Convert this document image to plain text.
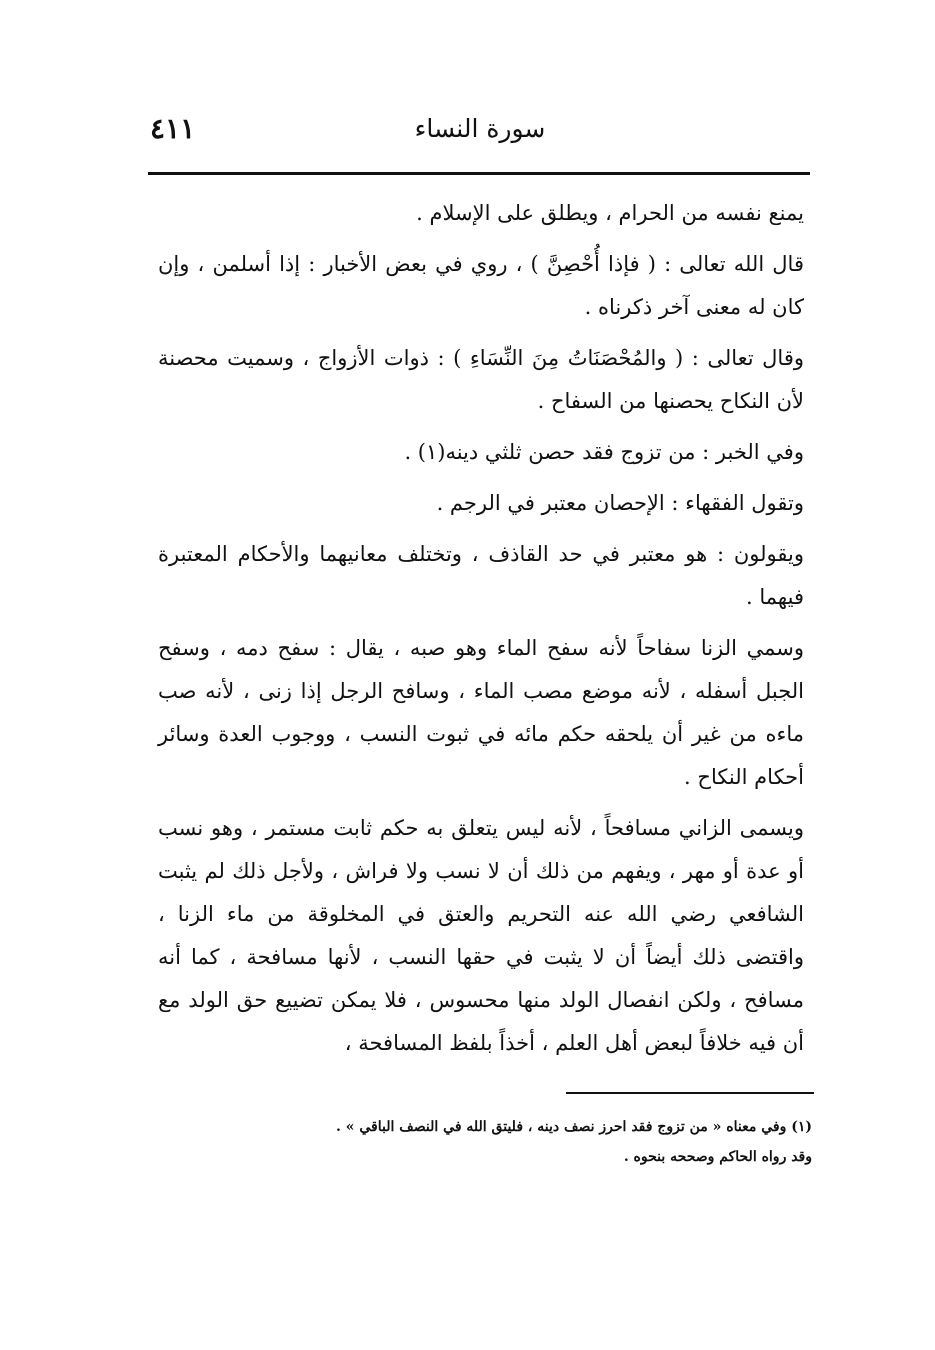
٤١١	سورة النساء

يمنع نفسه من الحرام ، ويطلق على الإسلام .

قال الله تعالى : ( فإذا أُحْصِنَّ ) ، روي في بعض الأخبار : إذا أسلمن ، وإن كان له معنى آخر ذكرناه .

وقال تعالى : ( والمُحْصَنَاتُ مِنَ النِّسَاءِ ) : ذوات الأزواج ، وسميت محصنة لأن النكاح يحصنها من السفاح .

وفي الخبر : من تزوج فقد حصن ثلثي دينه(١) .

وتقول الفقهاء : الإحصان معتبر في الرجم .

ويقولون : هو معتبر في حد القاذف ، وتختلف معانيهما والأحكام المعتبرة فيهما .

وسمي الزنا سفاحاً لأنه سفح الماء وهو صبه ، يقال : سفح دمه ، وسفح الجبل أسفله ، لأنه موضع مصب الماء ، وسافح الرجل إذا زنى ، لأنه صب ماءه من غير أن يلحقه حكم مائه في ثبوت النسب ، ووجوب العدة وسائر أحكام النكاح .

ويسمى الزاني مسافحاً ، لأنه ليس يتعلق به حكم ثابت مستمر ، وهو نسب أو عدة أو مهر ، ويفهم من ذلك أن لا نسب ولا فراش ، ولأجل ذلك لم يثبت الشافعي رضي الله عنه التحريم والعتق في المخلوقة من ماء الزنا ، واقتضى ذلك أيضاً أن لا يثبت في حقها النسب ، لأنها مسافحة ، كما أنه مسافح ، ولكن انفصال الولد منها محسوس ، فلا يمكن تضييع حق الولد مع أن فيه خلافاً لبعض أهل العلم ، أخذاً بلفظ المسافحة ،

(١) وفي معناه « من تزوج فقد احرز نصف دينه ، فليتق الله في النصف الباقي » .

وقد رواه الحاكم وصححه بنحوه .
